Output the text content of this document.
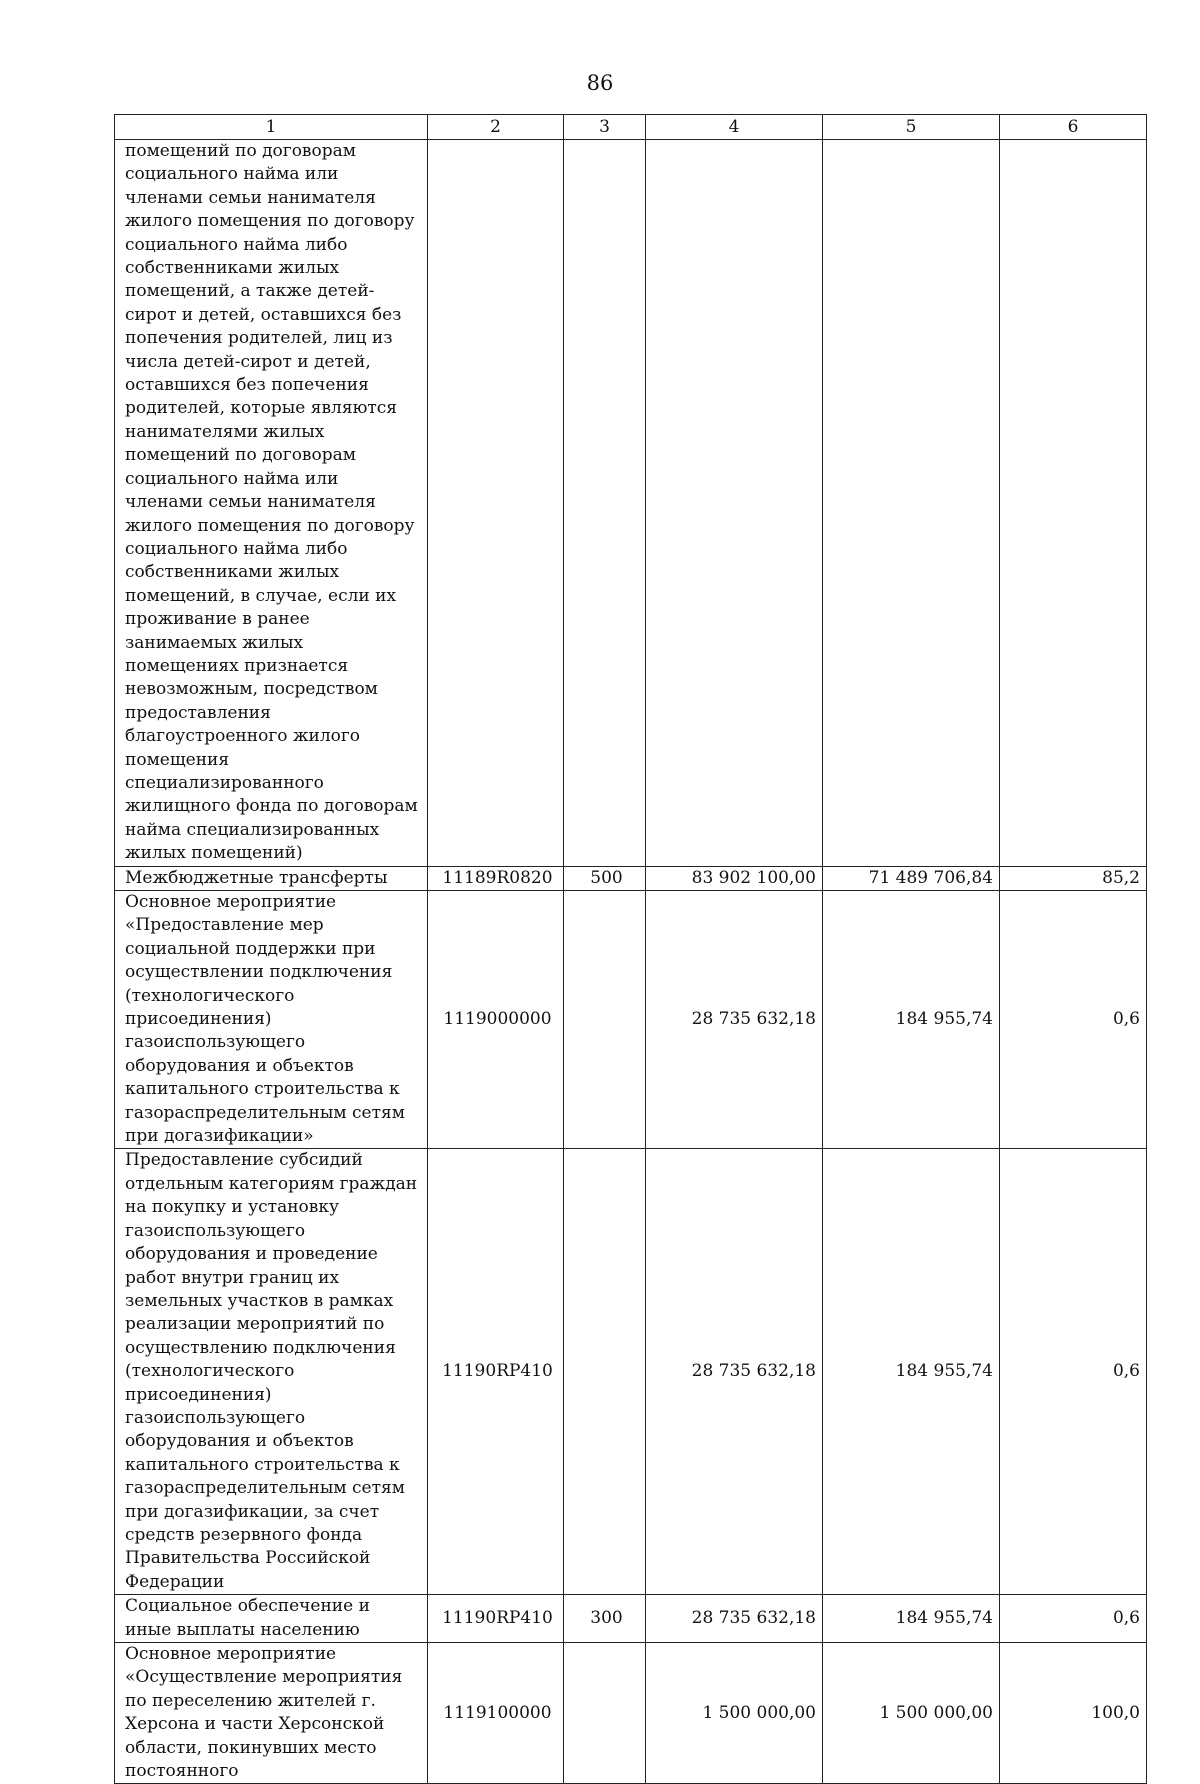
86
1	2	3	4	5	6
помещений по договорам социального найма или членами семьи нанимателя жилого помещения по договору социального найма либо собственниками жилых помещений, а также детей-сирот и детей, оставшихся без попечения родителей, лиц из числа детей-сирот и детей, оставшихся без попечения родителей, которые являются нанимателями жилых помещений по договорам социального найма или членами семьи нанимателя жилого помещения по договору социального найма либо собственниками жилых помещений, в случае, если их проживание в ранее занимаемых жилых помещениях признается невозможным, посредством предоставления благоустроенного жилого помещения специализированного жилищного фонда по договорам найма специализированных жилых помещений)					
Межбюджетные трансферты	11189R0820	500	83 902 100,00	71 489 706,84	85,2
Основное мероприятие «Предоставление мер социальной поддержки при осуществлении подключения (технологического присоединения) газоиспользующего оборудования и объектов капитального строительства к газораспределительным сетям при догазификации»	1119000000		28 735 632,18	184 955,74	0,6
Предоставление субсидий отдельным категориям граждан на покупку и установку газоиспользующего оборудования и проведение работ внутри границ их земельных участков в рамках реализации мероприятий по осуществлению подключения (технологического присоединения) газоиспользующего оборудования и объектов капитального строительства к газораспределительным сетям при догазификации, за счет средств резервного фонда Правительства Российской Федерации	11190RP410		28 735 632,18	184 955,74	0,6
Социальное обеспечение и иные выплаты населению	11190RP410	300	28 735 632,18	184 955,74	0,6
Основное мероприятие «Осуществление мероприятия по переселению жителей г. Херсона и части Херсонской области, покинувших место постоянного	1119100000		1 500 000,00	1 500 000,00	100,0
